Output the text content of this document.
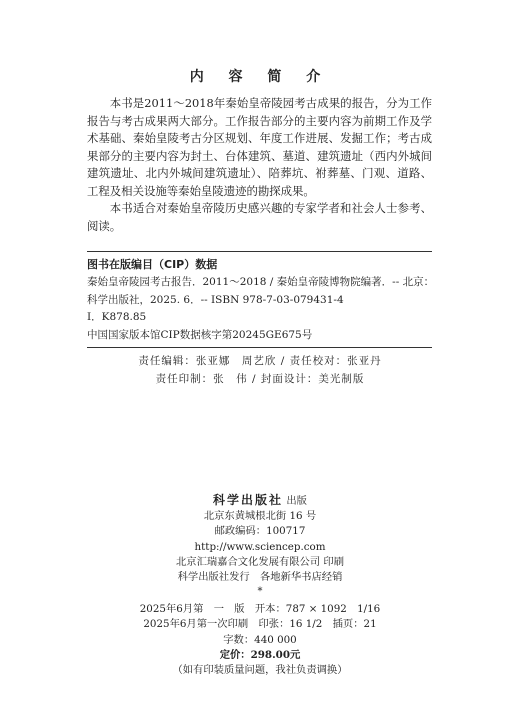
内 容 简 介

本书是2011～2018年秦始皇帝陵园考古成果的报告，分为工作报告与考古成果两大部分。工作报告部分的主要内容为前期工作及学术基础、秦始皇陵考古分区规划、年度工作进展、发掘工作；考古成果部分的主要内容为封土、台体建筑、墓道、建筑遗址（西内外城间建筑遗址、北内外城间建筑遗址）、陪葬坑、祔葬墓、门观、道路、工程及相关设施等秦始皇陵遗迹的勘探成果。

本书适合对秦始皇帝陵历史感兴趣的专家学者和社会人士参考、阅读。

图书在版编目（CIP）数据
秦始皇帝陵园考古报告．2011～2018 / 秦始皇帝陵博物院编著．-- 北京：
科学出版社，2025. 6．-- ISBN 978-7-03-079431-4
Ⅰ．K878.85
中国国家版本馆CIP数据核字第20245GE675号
责任编辑：张亚娜　周艺欣 / 责任校对：张亚丹
责任印制：张　伟 / 封面设计：美光制版
科学出版社 出版
北京东黄城根北街 16 号
邮政编码：100717
http://www.sciencep.com
北京汇瑞嘉合文化发展有限公司 印刷
科学出版社发行　各地新华书店经销
*
2025年6月第　一　版　开本：787 × 1092　1/16
2025年6月第一次印刷　印张：16 1/2　插页：21
字数：440 000
定价：298.00元
（如有印装质量问题，我社负责调换）
